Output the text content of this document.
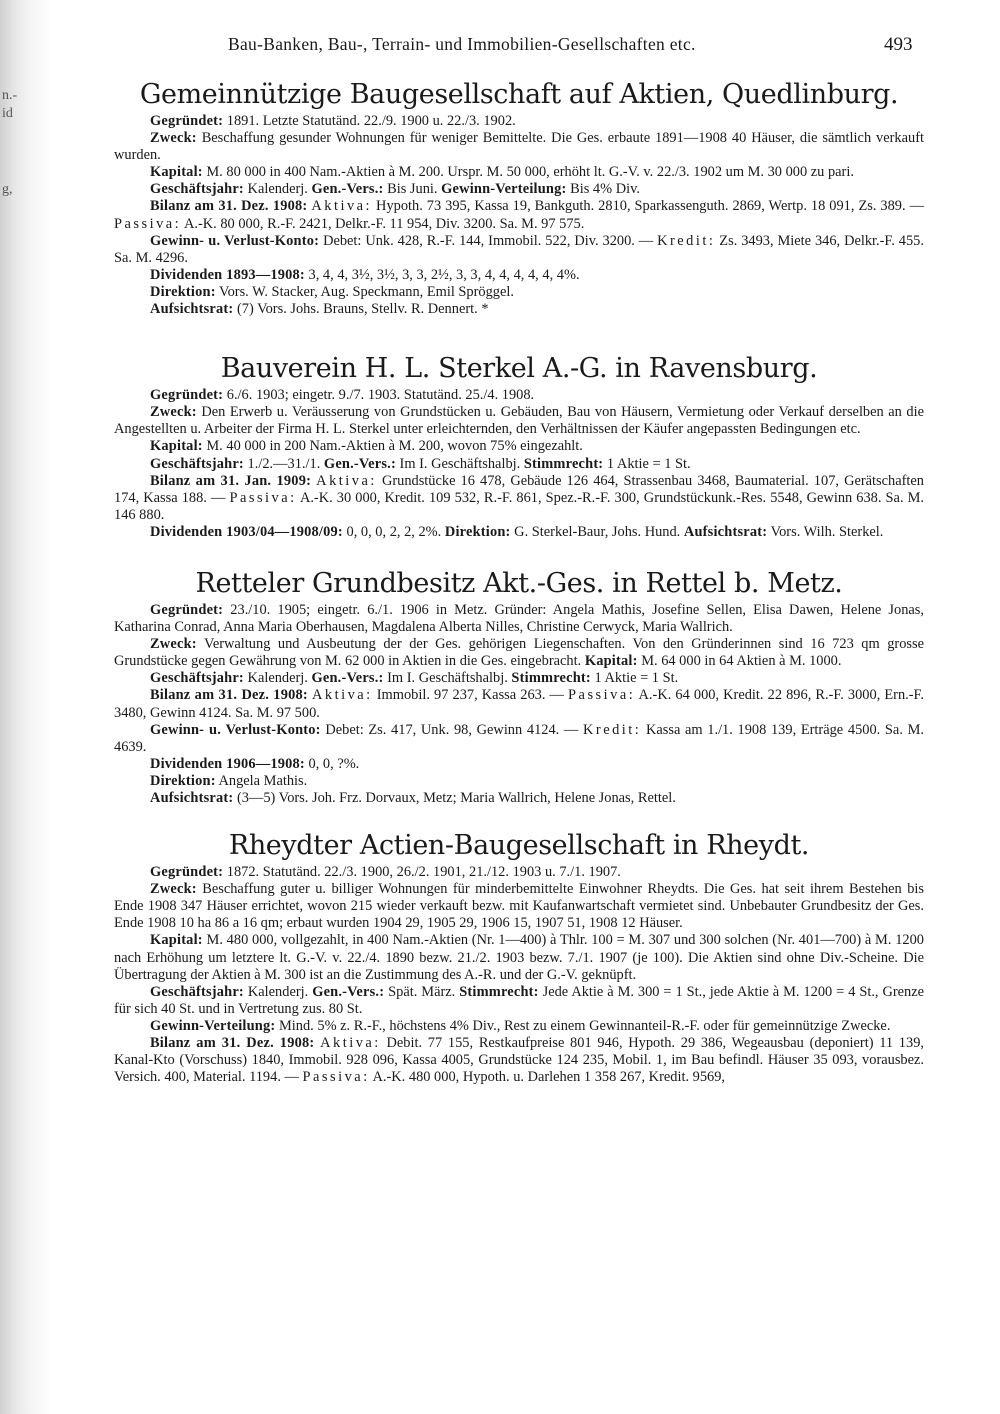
n.-
id
g,
Bau-Banken, Bau-, Terrain- und Immobilien-Gesellschaften etc.	493
Gemeinnützige Baugesellschaft auf Aktien, Quedlinburg.

Gegründet: 1891. Letzte Statutänd. 22./9. 1900 u. 22./3. 1902.

Zweck: Beschaffung gesunder Wohnungen für weniger Bemittelte. Die Ges. erbaute 1891—1908 40 Häuser, die sämtlich verkauft wurden.

Kapital: M. 80 000 in 400 Nam.-Aktien à M. 200. Urspr. M. 50 000, erhöht lt. G.-V. v. 22./3. 1902 um M. 30 000 zu pari.

Geschäftsjahr: Kalenderj. Gen.-Vers.: Bis Juni. Gewinn-Verteilung: Bis 4% Div.

Bilanz am 31. Dez. 1908: Aktiva: Hypoth. 73 395, Kassa 19, Bankguth. 2810, Sparkassenguth. 2869, Wertp. 18 091, Zs. 389. — Passiva: A.-K. 80 000, R.-F. 2421, Delkr.-F. 11 954, Div. 3200. Sa. M. 97 575.

Gewinn- u. Verlust-Konto: Debet: Unk. 428, R.-F. 144, Immobil. 522, Div. 3200. — Kredit: Zs. 3493, Miete 346, Delkr.-F. 455. Sa. M. 4296.

Dividenden 1893—1908: 3, 4, 4, 3½, 3½, 3, 3, 2½, 3, 3, 4, 4, 4, 4, 4, 4%.

Direktion: Vors. W. Stacker, Aug. Speckmann, Emil Spröggel.

Aufsichtsrat: (7) Vors. Johs. Brauns, Stellv. R. Dennert. *

Bauverein H. L. Sterkel A.-G. in Ravensburg.

Gegründet: 6./6. 1903; eingetr. 9./7. 1903. Statutänd. 25./4. 1908.

Zweck: Den Erwerb u. Veräusserung von Grundstücken u. Gebäuden, Bau von Häusern, Vermietung oder Verkauf derselben an die Angestellten u. Arbeiter der Firma H. L. Sterkel unter erleichternden, den Verhältnissen der Käufer angepassten Bedingungen etc.

Kapital: M. 40 000 in 200 Nam.-Aktien à M. 200, wovon 75% eingezahlt.

Geschäftsjahr: 1./2.—31./1. Gen.-Vers.: Im I. Geschäftshalbj. Stimmrecht: 1 Aktie = 1 St.

Bilanz am 31. Jan. 1909: Aktiva: Grundstücke 16 478, Gebäude 126 464, Strassenbau 3468, Baumaterial. 107, Gerätschaften 174, Kassa 188. — Passiva: A.-K. 30 000, Kredit. 109 532, R.-F. 861, Spez.-R.-F. 300, Grundstückunk.-Res. 5548, Gewinn 638. Sa. M. 146 880.

Dividenden 1903/04—1908/09: 0, 0, 0, 2, 2, 2%. Direktion: G. Sterkel-Baur, Johs. Hund. Aufsichtsrat: Vors. Wilh. Sterkel.

Retteler Grundbesitz Akt.-Ges. in Rettel b. Metz.

Gegründet: 23./10. 1905; eingetr. 6./1. 1906 in Metz. Gründer: Angela Mathis, Josefine Sellen, Elisa Dawen, Helene Jonas, Katharina Conrad, Anna Maria Oberhausen, Magdalena Alberta Nilles, Christine Cerwyck, Maria Wallrich.

Zweck: Verwaltung und Ausbeutung der der Ges. gehörigen Liegenschaften. Von den Gründerinnen sind 16 723 qm grosse Grundstücke gegen Gewährung von M. 62 000 in Aktien in die Ges. eingebracht. Kapital: M. 64 000 in 64 Aktien à M. 1000.

Geschäftsjahr: Kalenderj. Gen.-Vers.: Im I. Geschäftshalbj. Stimmrecht: 1 Aktie = 1 St.

Bilanz am 31. Dez. 1908: Aktiva: Immobil. 97 237, Kassa 263. — Passiva: A.-K. 64 000, Kredit. 22 896, R.-F. 3000, Ern.-F. 3480, Gewinn 4124. Sa. M. 97 500.

Gewinn- u. Verlust-Konto: Debet: Zs. 417, Unk. 98, Gewinn 4124. — Kredit: Kassa am 1./1. 1908 139, Erträge 4500. Sa. M. 4639.

Dividenden 1906—1908: 0, 0, ?%.

Direktion: Angela Mathis.

Aufsichtsrat: (3—5) Vors. Joh. Frz. Dorvaux, Metz; Maria Wallrich, Helene Jonas, Rettel.

Rheydter Actien-Baugesellschaft in Rheydt.

Gegründet: 1872. Statutänd. 22./3. 1900, 26./2. 1901, 21./12. 1903 u. 7./1. 1907.

Zweck: Beschaffung guter u. billiger Wohnungen für minderbemittelte Einwohner Rheydts. Die Ges. hat seit ihrem Bestehen bis Ende 1908 347 Häuser errichtet, wovon 215 wieder verkauft bezw. mit Kaufanwartschaft vermietet sind. Unbebauter Grundbesitz der Ges. Ende 1908 10 ha 86 a 16 qm; erbaut wurden 1904 29, 1905 29, 1906 15, 1907 51, 1908 12 Häuser.

Kapital: M. 480 000, vollgezahlt, in 400 Nam.-Aktien (Nr. 1—400) à Thlr. 100 = M. 307 und 300 solchen (Nr. 401—700) à M. 1200 nach Erhöhung um letztere lt. G.-V. v. 22./4. 1890 bezw. 21./2. 1903 bezw. 7./1. 1907 (je 100). Die Aktien sind ohne Div.-Scheine. Die Übertragung der Aktien à M. 300 ist an die Zustimmung des A.-R. und der G.-V. geknüpft.

Geschäftsjahr: Kalenderj. Gen.-Vers.: Spät. März. Stimmrecht: Jede Aktie à M. 300 = 1 St., jede Aktie à M. 1200 = 4 St., Grenze für sich 40 St. und in Vertretung zus. 80 St.

Gewinn-Verteilung: Mind. 5% z. R.-F., höchstens 4% Div., Rest zu einem Gewinnanteil-R.-F. oder für gemeinnützige Zwecke.

Bilanz am 31. Dez. 1908: Aktiva: Debit. 77 155, Restkaufpreise 801 946, Hypoth. 29 386, Wegeausbau (deponiert) 11 139, Kanal-Kto (Vorschuss) 1840, Immobil. 928 096, Kassa 4005, Grundstücke 124 235, Mobil. 1, im Bau befindl. Häuser 35 093, vorausbez. Versich. 400, Material. 1194. — Passiva: A.-K. 480 000, Hypoth. u. Darlehen 1 358 267, Kredit. 9569,
